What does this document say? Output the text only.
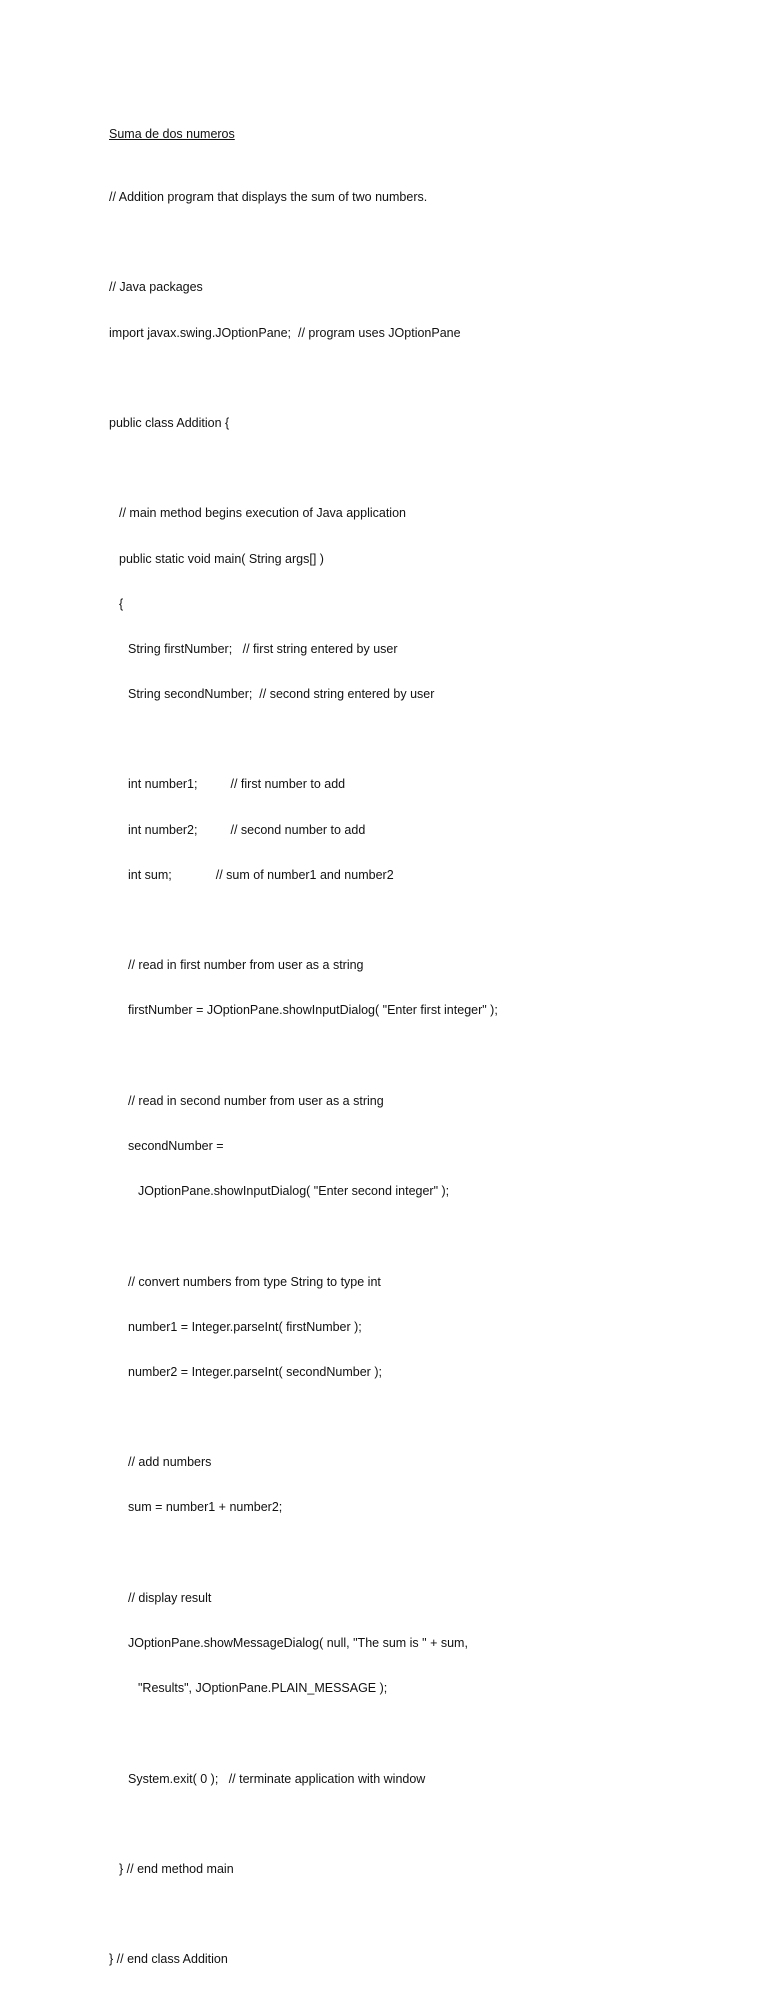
Suma de dos numeros

// Addition program that displays the sum of two numbers.

// Java packages

import javax.swing.JOptionPane;  // program uses JOptionPane

public class Addition {

// main method begins execution of Java application

public static void main( String args[] )

{

String firstNumber;   // first string entered by user

String secondNumber;  // second string entered by user

int number1;	// first number to add

int number2;	// second number to add

int sum;	// sum of number1 and number2

// read in first number from user as a string

firstNumber = JOptionPane.showInputDialog( "Enter first integer" );

// read in second number from user as a string

secondNumber =

JOptionPane.showInputDialog( "Enter second integer" );

// convert numbers from type String to type int

number1 = Integer.parseInt( firstNumber );

number2 = Integer.parseInt( secondNumber );

// add numbers

sum = number1 + number2;

// display result

JOptionPane.showMessageDialog( null, "The sum is " + sum,

"Results", JOptionPane.PLAIN_MESSAGE );

System.exit( 0 );   // terminate application with window

} // end method main

} // end class Addition
